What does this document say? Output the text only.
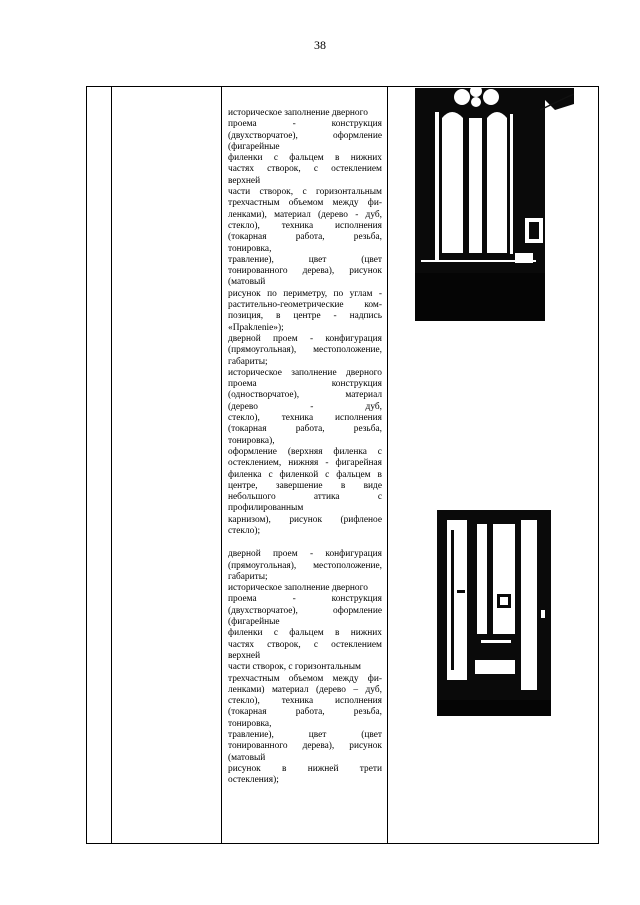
38
историческое заполнение дверного
проема	-	конструкция
(двухстворчатое),	оформление
(фигарейные
филенки с фальцем в нижних
частях створок, с остеклением
верхней
части створок, с горизонтальным
трехчастным объемом между фи-
ленками), материал (дерево - дуб,
стекло), техника исполнения
(токарная	работа,	резьба,
тонировка,
травление),	цвет	(цвет
тонированного дерева), рисунок
(матовый
рисунок по периметру, по углам -
растительно-геометрические ком-
позиция, в центре - надпись
«Праkлеnie»);
дверной проем - конфигурация
(прямоугольная), местоположение,
габариты;
историческое заполнение дверного
проема	конструкция
(одностворчатое),	материал
(дерево	-	дуб,
стекло), техника исполнения
(токарная	работа,	резьба,
тонировка),
оформление (верхняя филенка с
остеклением, нижняя - фигарейная
филенка с филенкой с фальцем в
центре, завершение в виде
небольшого	аттика	с
профилированным
карнизом), рисунок (рифленое
стекло);
дверной проем - конфигурация
(прямоугольная), местоположение,
габариты;
историческое заполнение дверного
проема	-	конструкция
(двухстворчатое),	оформление
(фигарейные
филенки с фальцем в нижних
частях створок, с остеклением
верхней
части створок, с горизонтальным
трехчастным объемом между фи-
ленками) материал (дерево – дуб,
стекло), техника исполнения
(токарная	работа,	резьба,
тонировка,
травление),	цвет	(цвет
тонированного дерева), рисунок
(матовый
рисунок в нижней трети
остекления);
